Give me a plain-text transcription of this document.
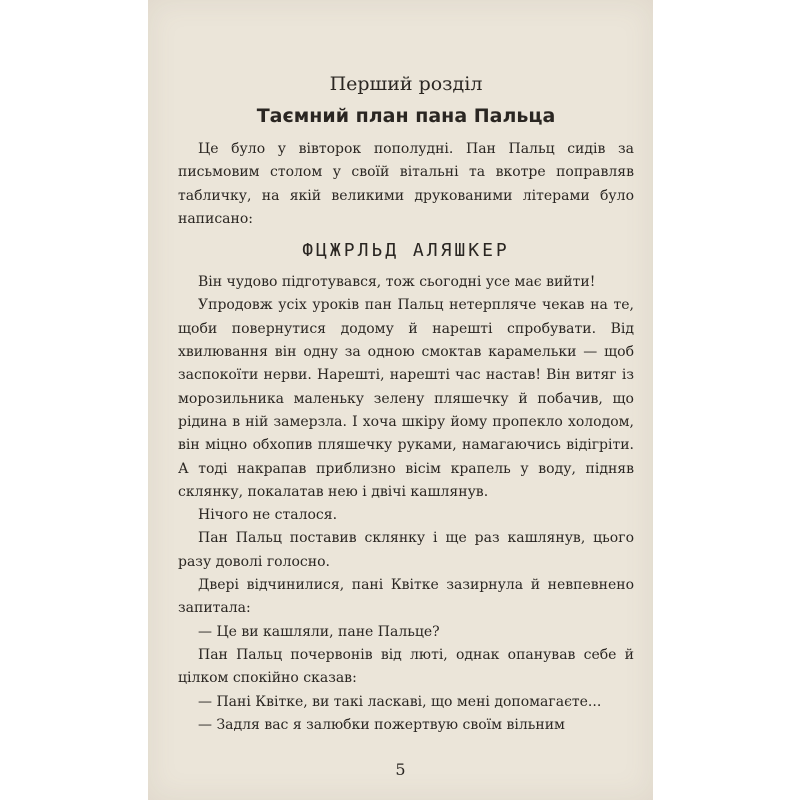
Перший розділ

Таємний план пана Пальца

Це було у вівторок пополудні. Пан Пальц сидів за письмовим столом у своїй вітальні та вкотре поправляв табличку, на якій великими друкованими літерами було написано:

ФЦЖРЛЬД АЛЯШКЕР

Він чудово підготувався, тож сьогодні усе має вийти!

Упродовж усіх уроків пан Пальц нетерпляче чекав на те, щоби повернутися додому й нарешті спробувати. Від хвилювання він одну за одною смоктав карамельки — щоб заспокоїти нерви. Нарешті, нарешті час настав! Він витяг із морозильника маленьку зелену пляшечку й побачив, що рідина в ній замерзла. І хоча шкіру йому пропекло холодом, він міцно обхопив пляшечку руками, намагаючись відігріти. А тоді накрапав приблизно вісім крапель у воду, підняв склянку, покалатав нею і двічі кашлянув.

Нічого не сталося.

Пан Пальц поставив склянку і ще раз кашлянув, цього разу доволі голосно.

Двері відчинилися, пані Квітке зазирнула й невпевнено запитала:

— Це ви кашляли, пане Пальце?

Пан Пальц почервонів від люті, однак опанував себе й цілком спокійно сказав:

— Пані Квітке, ви такі ласкаві, що мені допомагаєте...

— Задля вас я залюбки пожертвую своїм вільним

5
